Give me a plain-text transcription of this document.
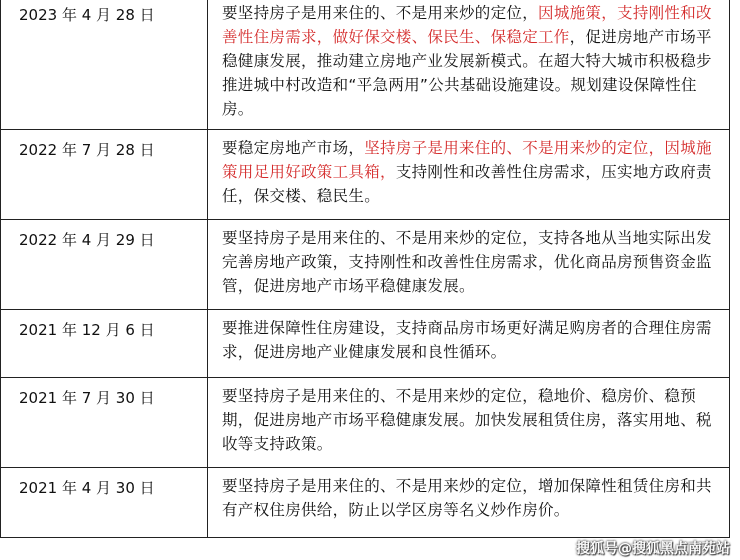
2023 年 4 月 28 日	要坚持房子是用来住的、不是用来炒的定位，因城施策，支持刚性和改善性住房需求，做好保交楼、保民生、保稳定工作，促进房地产市场平稳健康发展，推动建立房地产业发展新模式。在超大特大城市积极稳步推进城中村改造和“平急两用”公共基础设施建设。规划建设保障性住房。
2022 年 7 月 28 日	要稳定房地产市场，坚持房子是用来住的、不是用来炒的定位，因城施策用足用好政策工具箱，支持刚性和改善性住房需求，压实地方政府责任，保交楼、稳民生。
2022 年 4 月 29 日	要坚持房子是用来住的、不是用来炒的定位，支持各地从当地实际出发完善房地产政策，支持刚性和改善性住房需求，优化商品房预售资金监管，促进房地产市场平稳健康发展。
2021 年 12 月 6 日	要推进保障性住房建设，支持商品房市场更好满足购房者的合理住房需求，促进房地产业健康发展和良性循环。
2021 年 7 月 30 日	要坚持房子是用来住的、不是用来炒的定位，稳地价、稳房价、稳预期，促进房地产市场平稳健康发展。加快发展租赁住房，落实用地、税收等支持政策。
2021 年 4 月 30 日	要坚持房子是用来住的、不是用来炒的定位，增加保障性租赁住房和共有产权住房供给，防止以学区房等名义炒作房价。
搜狐号@搜狐黑点南苑站
